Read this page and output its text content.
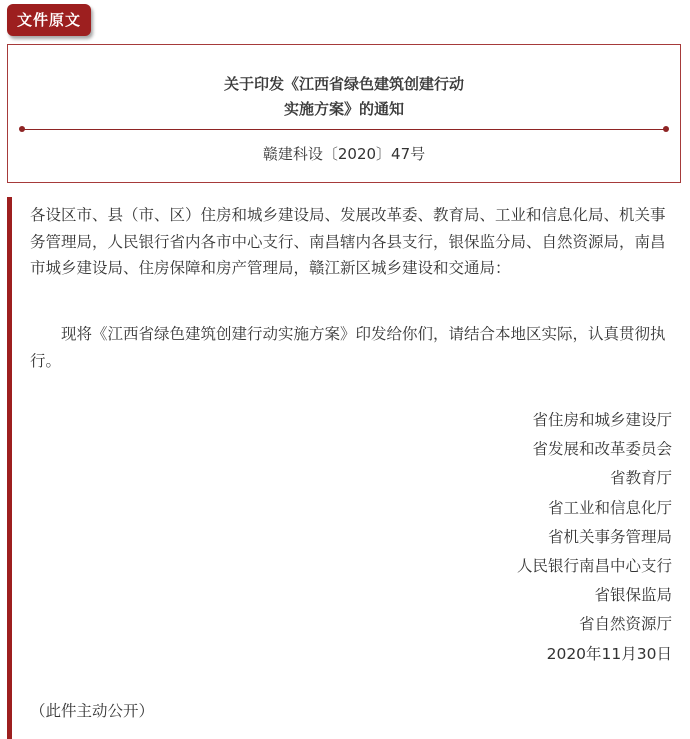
文件原文
关于印发《江西省绿色建筑创建行动
实施方案》的通知
赣建科设〔2020〕47号
各设区市、县（市、区）住房和城乡建设局、发展改革委、教育局、工业和信息化局、机关事务管理局，人民银行省内各市中心支行、南昌辖内各县支行，银保监分局、自然资源局，南昌市城乡建设局、住房保障和房产管理局，赣江新区城乡建设和交通局：
　　现将《江西省绿色建筑创建行动实施方案》印发给你们，请结合本地区实际，认真贯彻执行。
省住房和城乡建设厅
省发展和改革委员会
省教育厅
省工业和信息化厅
省机关事务管理局
人民银行南昌中心支行
省银保监局
省自然资源厅
2020年11月30日
（此件主动公开）
